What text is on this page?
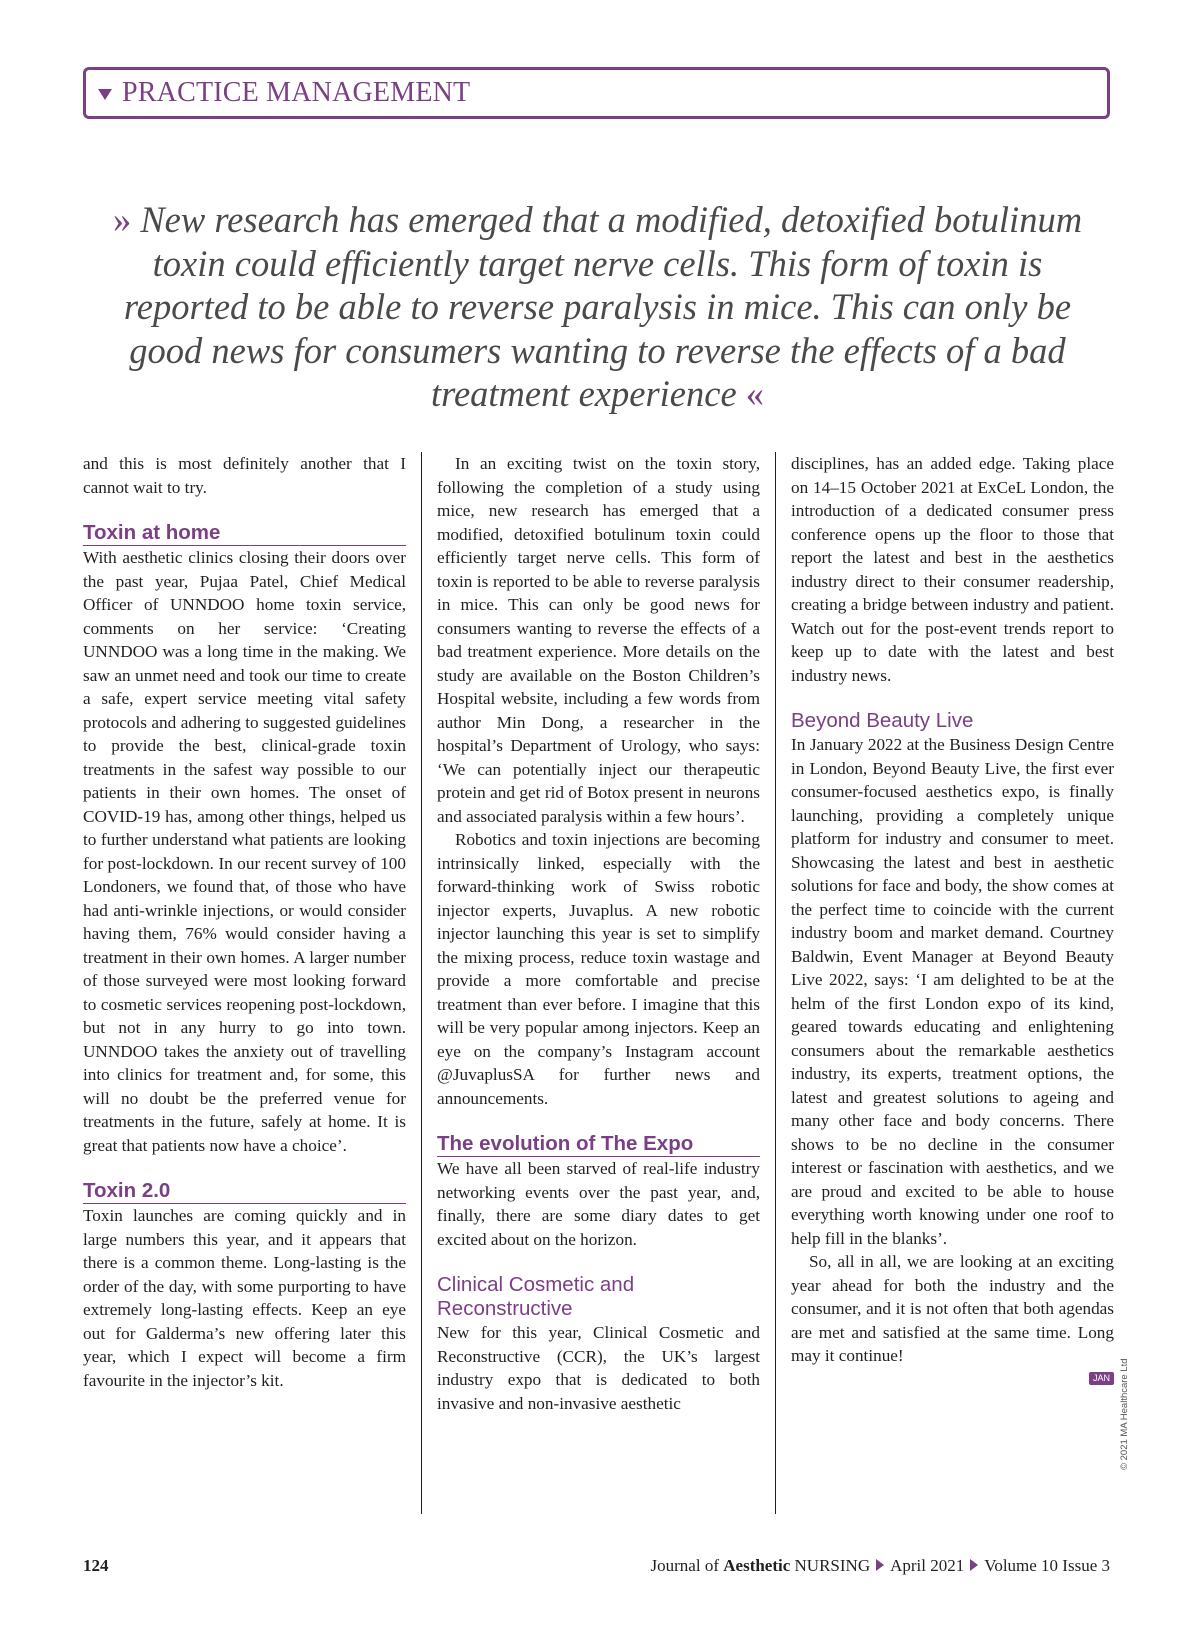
PRACTICE MANAGEMENT
» New research has emerged that a modified, detoxified botulinum toxin could efficiently target nerve cells. This form of toxin is reported to be able to reverse paralysis in mice. This can only be good news for consumers wanting to reverse the effects of a bad treatment experience «

and this is most definitely another that I cannot wait to try.

Toxin at home

With aesthetic clinics closing their doors over the past year, Pujaa Patel, Chief Medical Officer of UNNDOO home toxin service, comments on her service: ‘Creating UNNDOO was a long time in the making. We saw an unmet need and took our time to create a safe, expert service meeting vital safety protocols and adhering to suggested guidelines to provide the best, clinical-grade toxin treatments in the safest way possible to our patients in their own homes. The onset of COVID-19 has, among other things, helped us to further understand what patients are looking for post-lockdown. In our recent survey of 100 Londoners, we found that, of those who have had anti-wrinkle injections, or would consider having them, 76% would consider having a treatment in their own homes. A larger number of those surveyed were most looking forward to cosmetic services reopening post-lockdown, but not in any hurry to go into town. UNNDOO takes the anxiety out of travelling into clinics for treatment and, for some, this will no doubt be the preferred venue for treatments in the future, safely at home. It is great that patients now have a choice’.

Toxin 2.0

Toxin launches are coming quickly and in large numbers this year, and it appears that there is a common theme. Long-lasting is the order of the day, with some purporting to have extremely long-lasting effects. Keep an eye out for Galderma’s new offering later this year, which I expect will become a firm favourite in the injector’s kit.

In an exciting twist on the toxin story, following the completion of a study using mice, new research has emerged that a modified, detoxified botulinum toxin could efficiently target nerve cells. This form of toxin is reported to be able to reverse paralysis in mice. This can only be good news for consumers wanting to reverse the effects of a bad treatment experience. More details on the study are available on the Boston Children’s Hospital website, including a few words from author Min Dong, a researcher in the hospital’s Department of Urology, who says: ‘We can potentially inject our therapeutic protein and get rid of Botox present in neurons and associated paralysis within a few hours’.

Robotics and toxin injections are becoming intrinsically linked, especially with the forward-thinking work of Swiss robotic injector experts, Juvaplus. A new robotic injector launching this year is set to simplify the mixing process, reduce toxin wastage and provide a more comfortable and precise treatment than ever before. I imagine that this will be very popular among injectors. Keep an eye on the company’s Instagram account @JuvaplusSA for further news and announcements.

The evolution of The Expo

We have all been starved of real-life industry networking events over the past year, and, finally, there are some diary dates to get excited about on the horizon.

Clinical Cosmetic and Reconstructive

New for this year, Clinical Cosmetic and Reconstructive (CCR), the UK’s largest industry expo that is dedicated to both invasive and non-invasive aesthetic

disciplines, has an added edge. Taking place on 14–15 October 2021 at ExCeL London, the introduction of a dedicated consumer press conference opens up the floor to those that report the latest and best in the aesthetics industry direct to their consumer readership, creating a bridge between industry and patient. Watch out for the post-event trends report to keep up to date with the latest and best industry news.

Beyond Beauty Live

In January 2022 at the Business Design Centre in London, Beyond Beauty Live, the first ever consumer-focused aesthetics expo, is finally launching, providing a completely unique platform for industry and consumer to meet. Showcasing the latest and best in aesthetic solutions for face and body, the show comes at the perfect time to coincide with the current industry boom and market demand. Courtney Baldwin, Event Manager at Beyond Beauty Live 2022, says: ‘I am delighted to be at the helm of the first London expo of its kind, geared towards educating and enlightening consumers about the remarkable aesthetics industry, its experts, treatment options, the latest and greatest solutions to ageing and many other face and body concerns. There shows to be no decline in the consumer interest or fascination with aesthetics, and we are proud and excited to be able to house everything worth knowing under one roof to help fill in the blanks’.

So, all in all, we are looking at an exciting year ahead for both the industry and the consumer, and it is not often that both agendas are met and satisfied at the same time. Long may it continue!

JAN © 2021 MA Healthcare Ltd
124	Journal of Aesthetic NURSING April 2021 Volume 10 Issue 3
